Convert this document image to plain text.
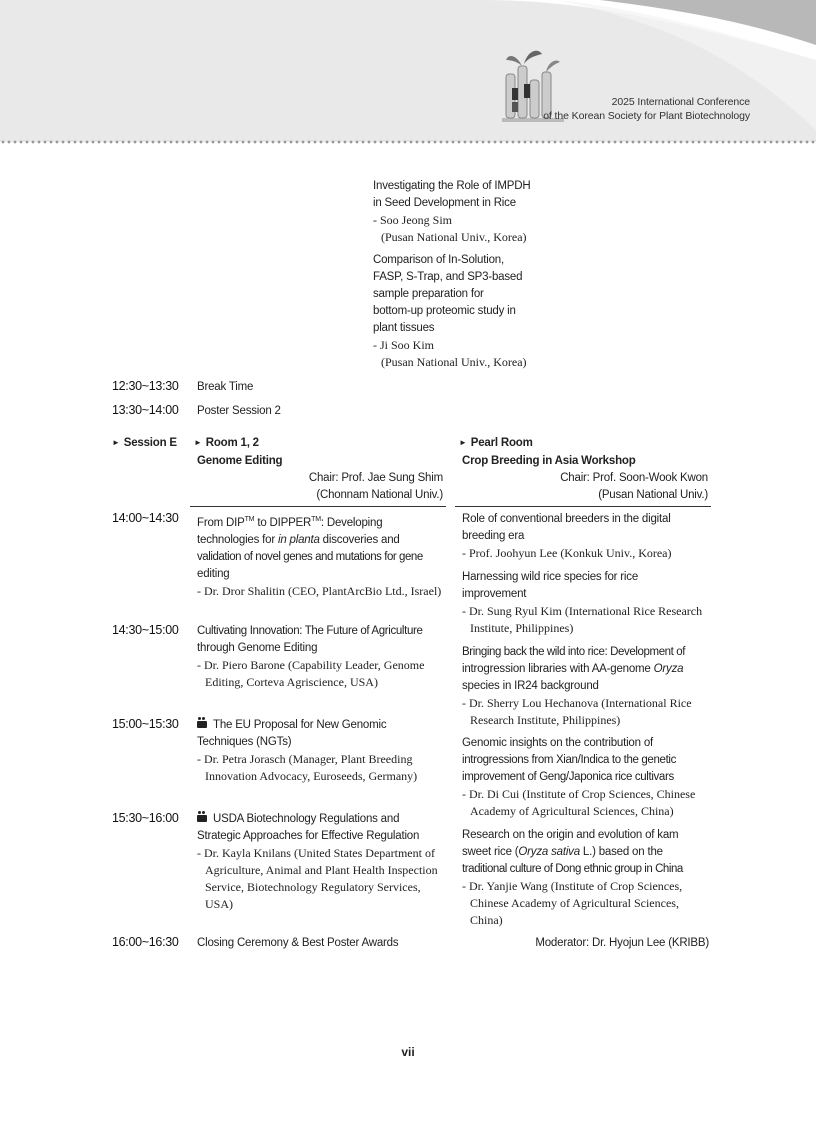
2025 International Conference
of the Korean Society for Plant Biotechnology
Investigating the Role of IMPDH
in Seed Development in Rice
- Soo Jeong Sim
(Pusan National Univ., Korea)
Comparison of In-Solution,
FASP, S-Trap, and SP3-based
sample preparation for
bottom-up proteomic study in
plant tissues
- Ji Soo Kim
(Pusan National Univ., Korea)
12:30~13:30 Break Time
13:30~14:00 Poster Session 2
► Session E ► Room 1, 2
Genome Editing
Chair: Prof. Jae Sung Shim
(Chonnam National Univ.)
► Pearl Room
Crop Breeding in Asia Workshop
Chair: Prof. Soon-Wook Kwon
(Pusan National Univ.)
14:00~14:30
14:30~15:00
15:00~15:30
15:30~16:00
16:00~16:30
From DIP™ to DIPPER™: Developing
technologies for in planta discoveries and
validation of novel genes and mutations for gene
editing
- Dr. Dror Shalitin (CEO, PlantArcBio Ltd., Israel)
Cultivating Innovation: The Future of Agriculture
through Genome Editing
- Dr. Piero Barone (Capability Leader, Genome
Editing, Corteva Agriscience, USA)
The EU Proposal for New Genomic
Techniques (NGTs)
- Dr. Petra Jorasch (Manager, Plant Breeding
Innovation Advocacy, Euroseeds, Germany)
USDA Biotechnology Regulations and
Strategic Approaches for Effective Regulation
- Dr. Kayla Knilans (United States Department of
Agriculture, Animal and Plant Health Inspection
Service, Biotechnology Regulatory Services,
USA)
Role of conventional breeders in the digital
breeding era
- Prof. Joohyun Lee (Konkuk Univ., Korea)
Harnessing wild rice species for rice
improvement
- Dr. Sung Ryul Kim (International Rice Research
Institute, Philippines)
Bringing back the wild into rice: Development of
introgression libraries with AA-genome Oryza
species in IR24 background
- Dr. Sherry Lou Hechanova (International Rice
Research Institute, Philippines)
Genomic insights on the contribution of
introgressions from Xian/Indica to the genetic
improvement of Geng/Japonica rice cultivars
- Dr. Di Cui (Institute of Crop Sciences, Chinese
Academy of Agricultural Sciences, China)
Research on the origin and evolution of kam
sweet rice (Oryza sativa L.) based on the
traditional culture of Dong ethnic group in China
- Dr. Yanjie Wang (Institute of Crop Sciences,
Chinese Academy of Agricultural Sciences,
China)
Closing Ceremony & Best Poster Awards	Moderator: Dr. Hyojun Lee (KRIBB)
vii
